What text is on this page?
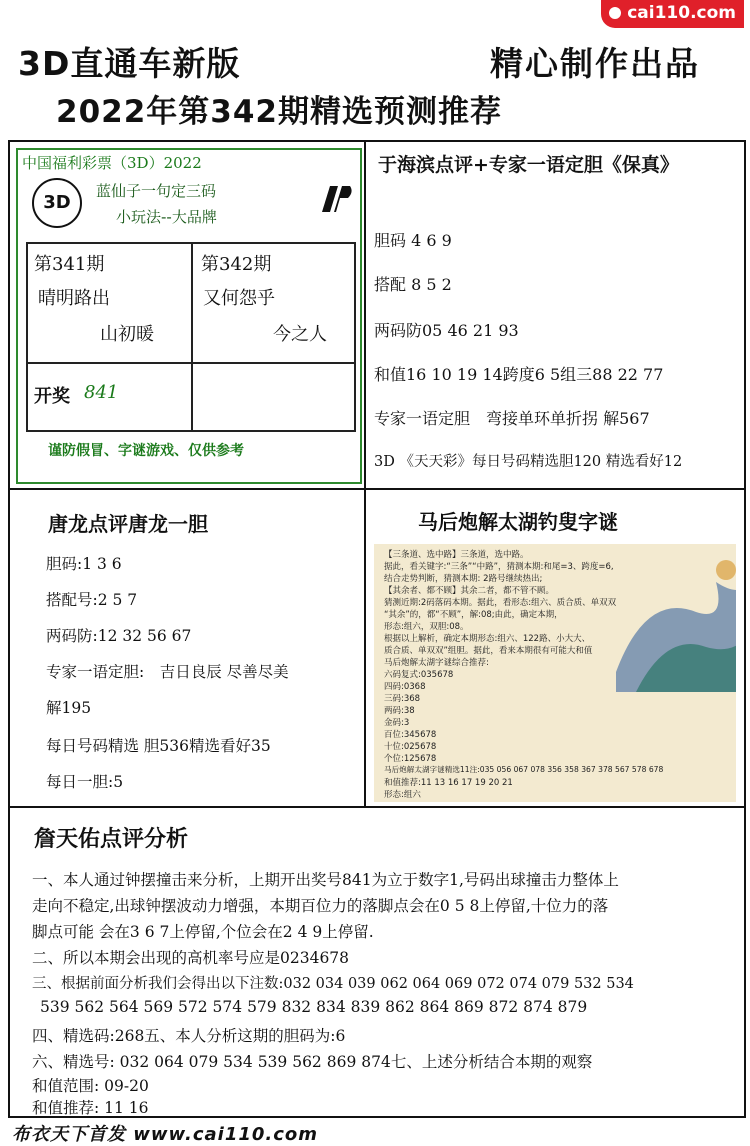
cai110.com
3D直通车新版	精心制作出品
2022年第342期精选预测推荐
中国福利彩票（3D）2022
3D
蓝仙子一句定三码
小玩法--大品牌
第341期
晴明路出
山初暖
第342期
又何怨乎
今之人
开奖 841
谨防假冒、字谜游戏、仅供参考
于海滨点评+专家一语定胆《保真》
胆码 4 6 9
搭配 8 5 2
两码防05 46 21 93
和值16 10 19 14跨度6 5组三88 22 77
专家一语定胆　弯接单环单折拐 解567
3D 《天天彩》每日号码精选胆120 精选看好12
唐龙点评唐龙一胆
胆码:1 3 6
搭配号:2 5 7
两码防:12 32 56 67
专家一语定胆:　吉日良辰 尽善尽美
解195
每日号码精选 胆536精选看好35
每日一胆:5
马后炮解太湖钓叟字谜
【三条道、选中路】三条道，选中路。
据此，看关键字:“三条”“中路”，猜测本期:和尾=3、跨度=6,
结合走势判断，猜测本期: 2路号继续热出;
【其余者、都不顾】其余二者，都不管不顾。
猜测近期:2码落码本期。据此，看形态:组六、质合质、单双双
“其余”的，都“不顾”，解:08;由此，确定本期，
形态:组六，双胆:08。
根据以上解析，确定本期形态:组六、122路、小大大、
质合质、单双双”组胆。据此，看来本期很有可能大和值
马后炮解太湖字谜综合推荐:
六码复式:035678
四码:0368
三码:368
两码:38
金码:3
百位:345678
十位:025678
个位:125678
马后炮解太湖字谜精选11注:035 056 067 078 356 358 367 378 567 578 678
和值推荐:11 13 16 17 19 20 21
形态:组六
詹天佑点评分析
一、本人通过钟摆撞击来分析，上期开出奖号841为立于数字1,号码出球撞击力整体上
走向不稳定,出球钟摆波动力增强，本期百位力的落脚点会在0 5 8上停留,十位力的落
脚点可能 会在3 6 7上停留,个位会在2 4 9上停留.
二、所以本期会出现的高机率号应是0234678
三、根据前面分析我们会得出以下注数:032 034 039 062 064 069 072 074 079 532 534
539 562 564 569 572 574 579 832 834 839 862 864 869 872 874 879
四、精选码:268五、本人分析这期的胆码为:6
六、精选号: 032 064 079 534 539 562 869 874七、上述分析结合本期的观察
和值范围: 09-20
和值推荐: 11 16
布衣天下首发 www.cai110.com
